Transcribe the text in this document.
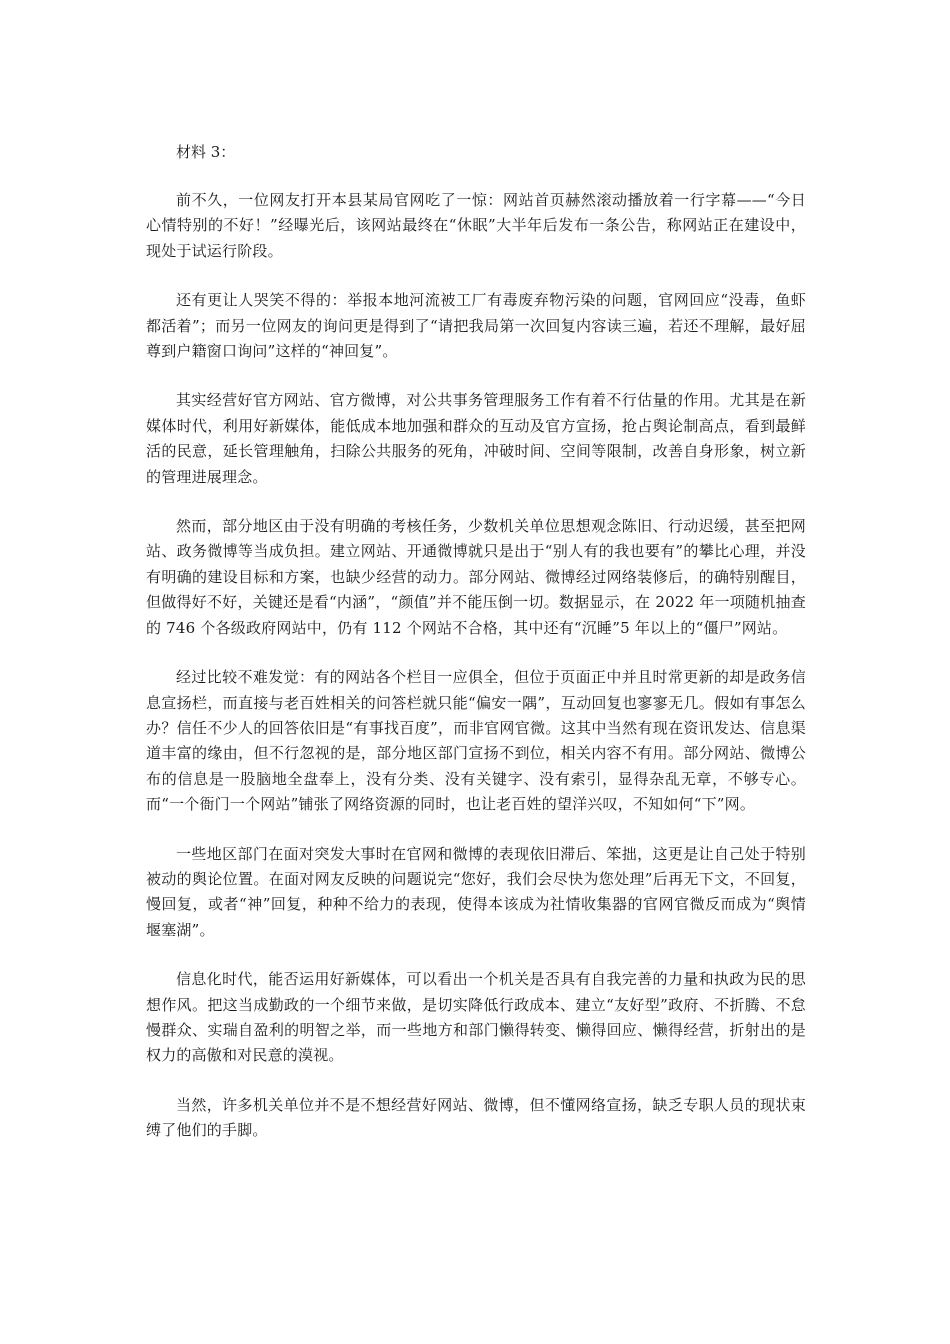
材料 3：

前不久，一位网友打开本县某局官网吃了一惊：网站首页赫然滚动播放着一行字幕——“今日心情特别的不好！”经曝光后，该网站最终在“休眠”大半年后发布一条公告，称网站正在建设中，现处于试运行阶段。

还有更让人哭笑不得的：举报本地河流被工厂有毒废弃物污染的问题，官网回应“没毒，鱼虾都活着”；而另一位网友的询问更是得到了“请把我局第一次回复内容读三遍，若还不理解，最好屈尊到户籍窗口询问”这样的“神回复”。

其实经营好官方网站、官方微博，对公共事务管理服务工作有着不行估量的作用。尤其是在新媒体时代，利用好新媒体，能低成本地加强和群众的互动及官方宣扬，抢占舆论制高点，看到最鲜活的民意，延长管理触角，扫除公共服务的死角，冲破时间、空间等限制，改善自身形象，树立新的管理进展理念。

然而，部分地区由于没有明确的考核任务，少数机关单位思想观念陈旧、行动迟缓，甚至把网站、政务微博等当成负担。建立网站、开通微博就只是出于“别人有的我也要有”的攀比心理，并没有明确的建设目标和方案，也缺少经营的动力。部分网站、微博经过网络装修后，的确特别醒目，但做得好不好，关键还是看“内涵”，“颜值”并不能压倒一切。数据显示，在 2022 年一项随机抽查的 746 个各级政府网站中，仍有 112 个网站不合格，其中还有“沉睡”5 年以上的“僵尸”网站。

经过比较不难发觉：有的网站各个栏目一应俱全，但位于页面正中并且时常更新的却是政务信息宣扬栏，而直接与老百姓相关的问答栏就只能“偏安一隅”，互动回复也寥寥无几。假如有事怎么办？信任不少人的回答依旧是“有事找百度”，而非官网官微。这其中当然有现在资讯发达、信息渠道丰富的缘由，但不行忽视的是，部分地区部门宣扬不到位，相关内容不有用。部分网站、微博公布的信息是一股脑地全盘奉上，没有分类、没有关键字、没有索引，显得杂乱无章，不够专心。而“一个衙门一个网站”铺张了网络资源的同时，也让老百姓的望洋兴叹，不知如何“下”网。

一些地区部门在面对突发大事时在官网和微博的表现依旧滞后、笨拙，这更是让自己处于特别被动的舆论位置。在面对网友反映的问题说完“您好，我们会尽快为您处理”后再无下文，不回复，慢回复，或者“神”回复，种种不给力的表现，使得本该成为社情收集器的官网官微反而成为“舆情堰塞湖”。

信息化时代，能否运用好新媒体，可以看出一个机关是否具有自我完善的力量和执政为民的思想作风。把这当成勤政的一个细节来做，是切实降低行政成本、建立“友好型”政府、不折腾、不怠慢群众、实瑞自盈利的明智之举，而一些地方和部门懒得转变、懒得回应、懒得经营，折射出的是权力的高傲和对民意的漠视。

当然，许多机关单位并不是不想经营好网站、微博，但不懂网络宣扬，缺乏专职人员的现状束缚了他们的手脚。
